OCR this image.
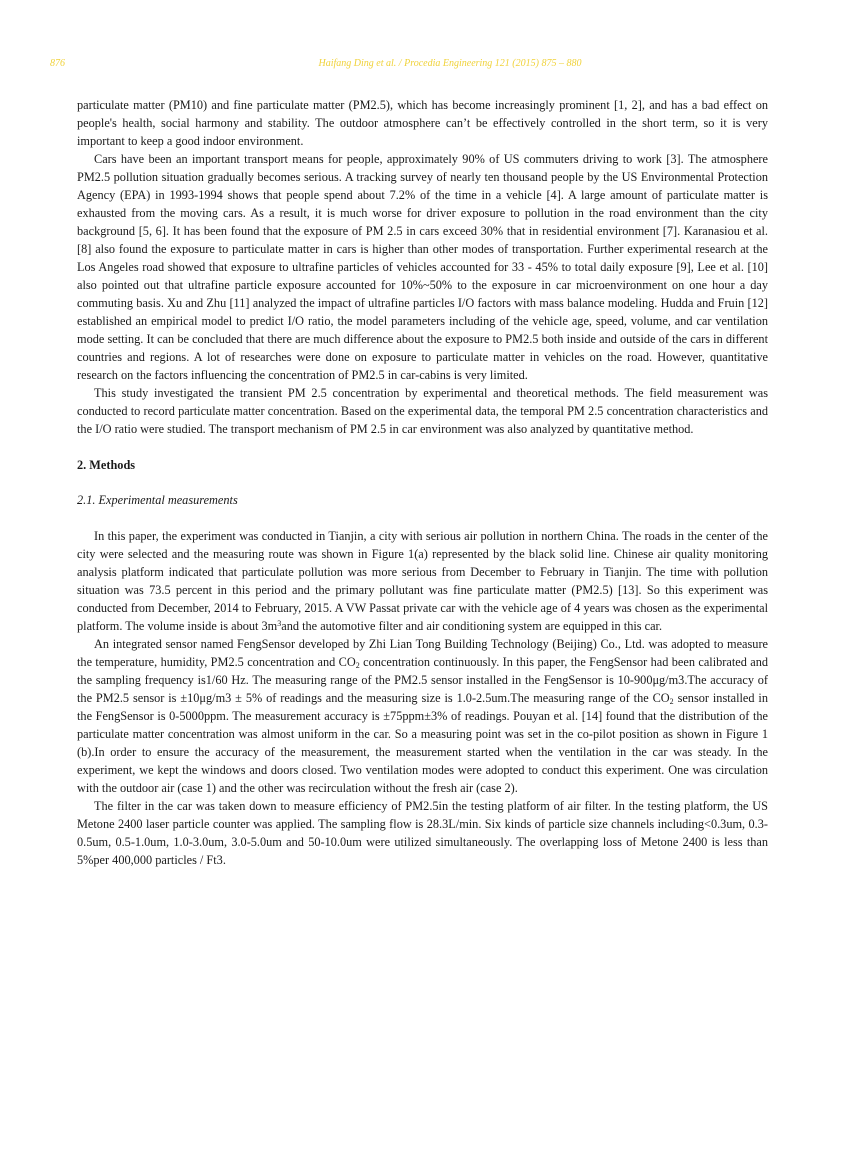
876	Haifang Ding et al. / Procedia Engineering 121 (2015) 875 – 880

particulate matter (PM10) and fine particulate matter (PM2.5), which has become increasingly prominent [1, 2], and has a bad effect on people's health, social harmony and stability. The outdoor atmosphere can’t be effectively controlled in the short term, so it is very important to keep a good indoor environment.

Cars have been an important transport means for people, approximately 90% of US commuters driving to work [3]. The atmosphere PM2.5 pollution situation gradually becomes serious. A tracking survey of nearly ten thousand people by the US Environmental Protection Agency (EPA) in 1993-1994 shows that people spend about 7.2% of the time in a vehicle [4]. A large amount of particulate matter is exhausted from the moving cars. As a result, it is much worse for driver exposure to pollution in the road environment than the city background [5, 6]. It has been found that the exposure of PM 2.5 in cars exceed 30% that in residential environment [7]. Karanasiou et al. [8] also found the exposure to particulate matter in cars is higher than other modes of transportation. Further experimental research at the Los Angeles road showed that exposure to ultrafine particles of vehicles accounted for 33 - 45% to total daily exposure [9], Lee et al. [10] also pointed out that ultrafine particle exposure accounted for 10%~50% to the exposure in car microenvironment on one hour a day commuting basis. Xu and Zhu [11] analyzed the impact of ultrafine particles I/O factors with mass balance modeling. Hudda and Fruin [12] established an empirical model to predict I/O ratio, the model parameters including of the vehicle age, speed, volume, and car ventilation mode setting. It can be concluded that there are much difference about the exposure to PM2.5 both inside and outside of the cars in different countries and regions. A lot of researches were done on exposure to particulate matter in vehicles on the road. However, quantitative research on the factors influencing the concentration of PM2.5 in car-cabins is very limited.

This study investigated the transient PM 2.5 concentration by experimental and theoretical methods. The field measurement was conducted to record particulate matter concentration. Based on the experimental data, the temporal PM 2.5 concentration characteristics and the I/O ratio were studied. The transport mechanism of PM 2.5 in car environment was also analyzed by quantitative method.

2. Methods

2.1. Experimental measurements

In this paper, the experiment was conducted in Tianjin, a city with serious air pollution in northern China. The roads in the center of the city were selected and the measuring route was shown in Figure 1(a) represented by the black solid line. Chinese air quality monitoring analysis platform indicated that particulate pollution was more serious from December to February in Tianjin. The time with pollution situation was 73.5 percent in this period and the primary pollutant was fine particulate matter (PM2.5) [13]. So this experiment was conducted from December, 2014 to February, 2015. A VW Passat private car with the vehicle age of 4 years was chosen as the experimental platform. The volume inside is about $3m^3and$ the automotive filter and air conditioning system are equipped in this car.

An integrated sensor named FengSensor developed by Zhi Lian Tong Building Technology (Beijing) Co., Ltd. was adopted to measure the temperature, humidity, PM2.5 concentration and $CO_2$ concentration continuously. In this paper, the FengSensor had been calibrated and the sampling frequency is1/60 Hz. The measuring range of the PM2.5 sensor installed in the FengSensor is 10-900μg/m3.The accuracy of the PM2.5 sensor is ±10μg/m3 ± 5% of readings and the measuring size is 1.0-2.5um.The measuring range of the $CO_2$ sensor installed in the FengSensor is 0-5000ppm. The measurement accuracy is ±75ppm±3% of readings. Pouyan et al. [14] found that the distribution of the particulate matter concentration was almost uniform in the car. So a measuring point was set in the co-pilot position as shown in Figure 1 (b).In order to ensure the accuracy of the measurement, the measurement started when the ventilation in the car was steady. In the experiment, we kept the windows and doors closed. Two ventilation modes were adopted to conduct this experiment. One was circulation with the outdoor air (case 1) and the other was recirculation without the fresh air (case 2).

The filter in the car was taken down to measure efficiency of PM2.5in the testing platform of air filter. In the testing platform, the US Metone 2400 laser particle counter was applied. The sampling flow is 28.3L/min. Six kinds of particle size channels including<0.3um, 0.3-0.5um, 0.5-1.0um, 1.0-3.0um, 3.0-5.0um and 50-10.0um were utilized simultaneously. The overlapping loss of Metone 2400 is less than 5%per 400,000 particles / Ft3.
